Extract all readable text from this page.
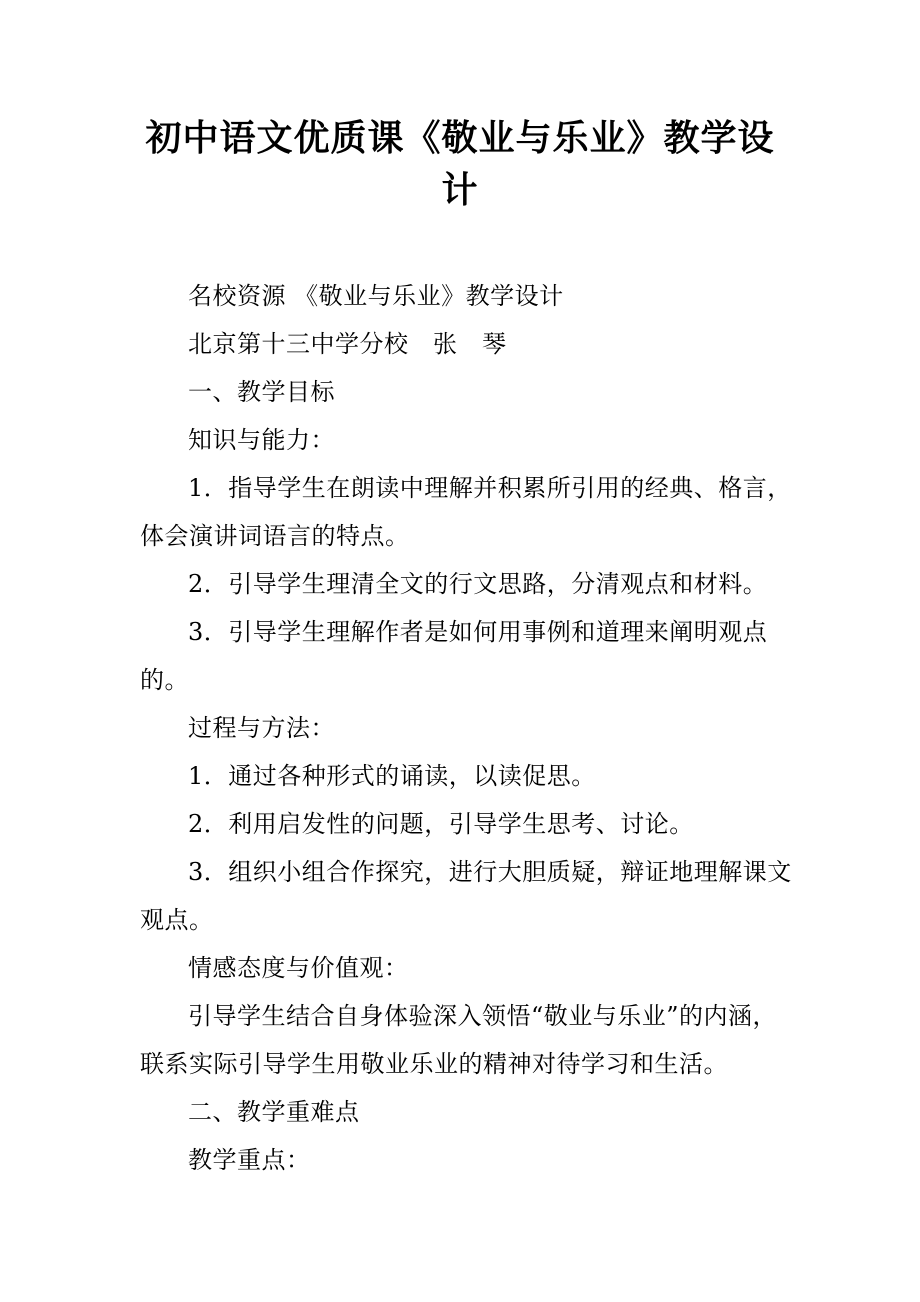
初中语文优质课《敬业与乐业》教学设
计

名校资源 《敬业与乐业》教学设计

北京第十三中学分校　张　琴

一、教学目标

知识与能力：

1．指导学生在朗读中理解并积累所引用的经典、格言，体会演讲词语言的特点。

2．引导学生理清全文的行文思路，分清观点和材料。

3．引导学生理解作者是如何用事例和道理来阐明观点的。

过程与方法：

1．通过各种形式的诵读，以读促思。

2．利用启发性的问题，引导学生思考、讨论。

3．组织小组合作探究，进行大胆质疑，辩证地理解课文观点。

情感态度与价值观：

引导学生结合自身体验深入领悟“敬业与乐业”的内涵，联系实际引导学生用敬业乐业的精神对待学习和生活。

二、教学重难点

教学重点：
